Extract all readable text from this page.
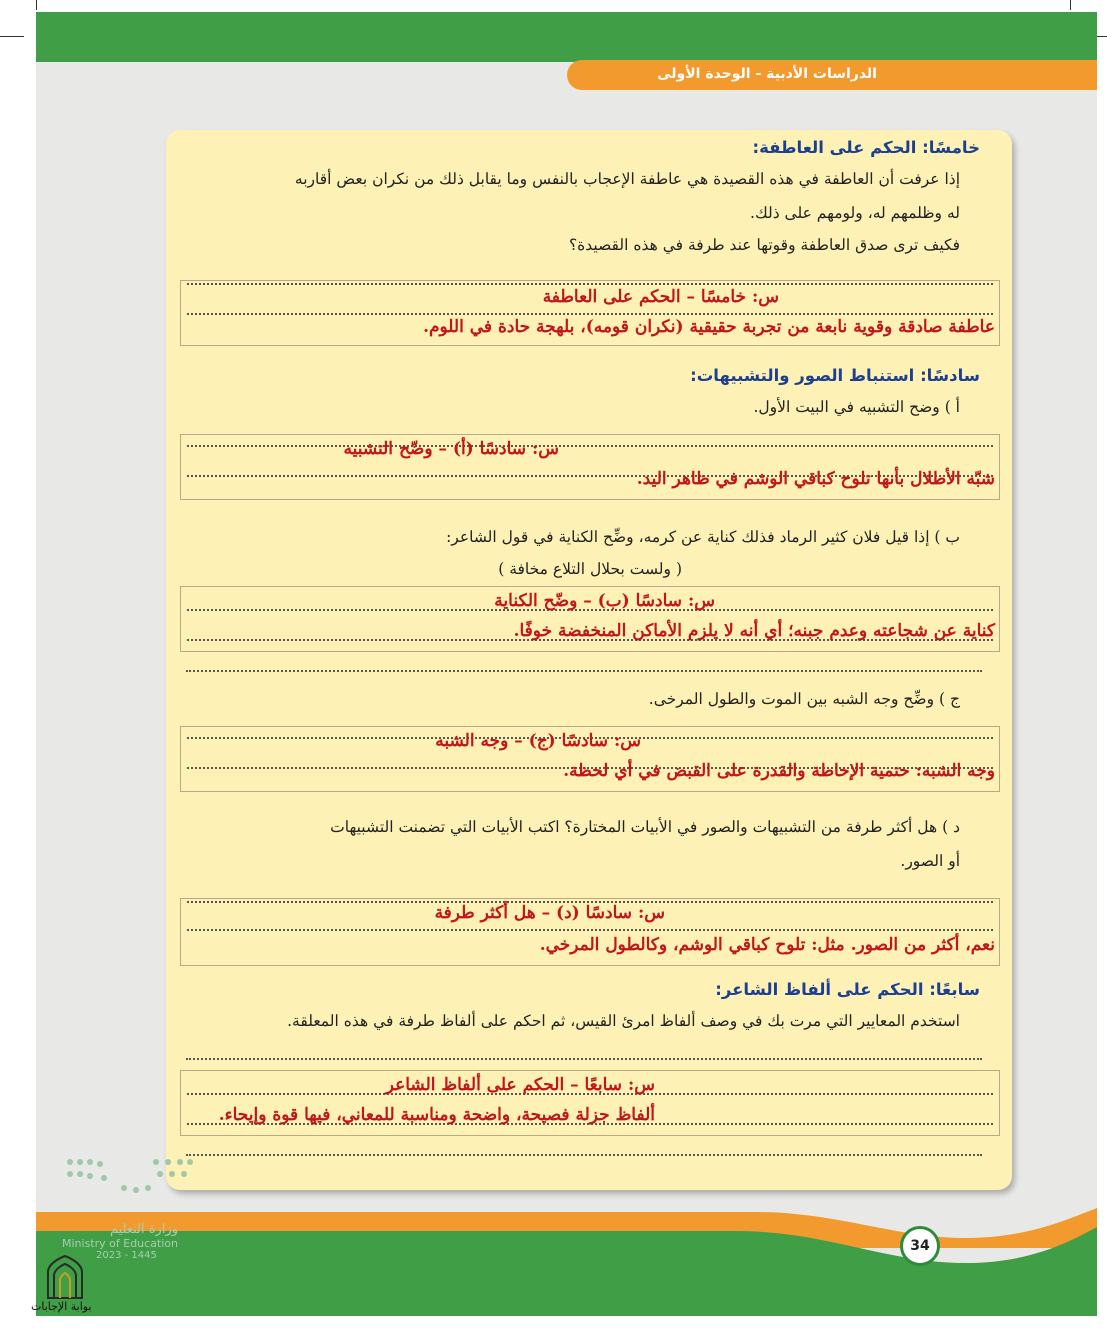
الدراسات الأدبية - الوحدة الأولى
خامسًا: الحكم على العاطفة:
إذا عرفت أن العاطفة في هذه القصيدة هي عاطفة الإعجاب بالنفس وما يقابل ذلك من نكران بعض أقاربه
له وظلمهم له، ولومهم على ذلك.
فكيف ترى صدق العاطفة وقوتها عند طرفة في هذه القصيدة؟
س: خامسًا – الحكم على العاطفة
عاطفة صادقة وقوية نابعة من تجربة حقيقية (نكران قومه)، بلهجة حادة في اللوم.
سادسًا: استنباط الصور والتشبيهات:
أ ) وضح التشبيه في البيت الأول.
س: سادسًا (أ) – وضّح التشبيه
شبّه الأطلال بأنها تلوح كباقي الوشم في ظاهر اليد.
ب ) إذا قيل فلان كثير الرماد فذلك كناية عن كرمه، وضِّح الكناية في قول الشاعر:
( ولست بحلال التلاع مخافة )
س: سادسًا (ب) – وضّح الكناية
كناية عن شجاعته وعدم جبنه؛ أي أنه لا يلزم الأماكن المنخفضة خوفًا.
ج ) وضِّح وجه الشبه بين الموت والطول المرخى.
س: سادسًا (ج) – وجه الشبه
وجه الشبه: حتمية الإحاطة والقدرة على القبض في أي لحظة.
د ) هل أكثر طرفة من التشبيهات والصور في الأبيات المختارة؟ اكتب الأبيات التي تضمنت التشبيهات
أو الصور.
س: سادسًا (د) – هل أكثر طرفة
نعم، أكثر من الصور. مثل: تلوح كباقي الوشم، وكالطول المرخي.
سابعًا: الحكم على ألفاظ الشاعر:
استخدم المعايير التي مرت بك في وصف ألفاظ امرئ القيس، ثم احكم على ألفاظ طرفة في هذه المعلقة.
س: سابعًا – الحكم على ألفاظ الشاعر
ألفاظ جزلة فصيحة، واضحة ومناسبة للمعاني، فيها قوة وإيحاء.
34
وزارة التعليم
Ministry of Education
2023 - 1445
بوابة الإجابات
